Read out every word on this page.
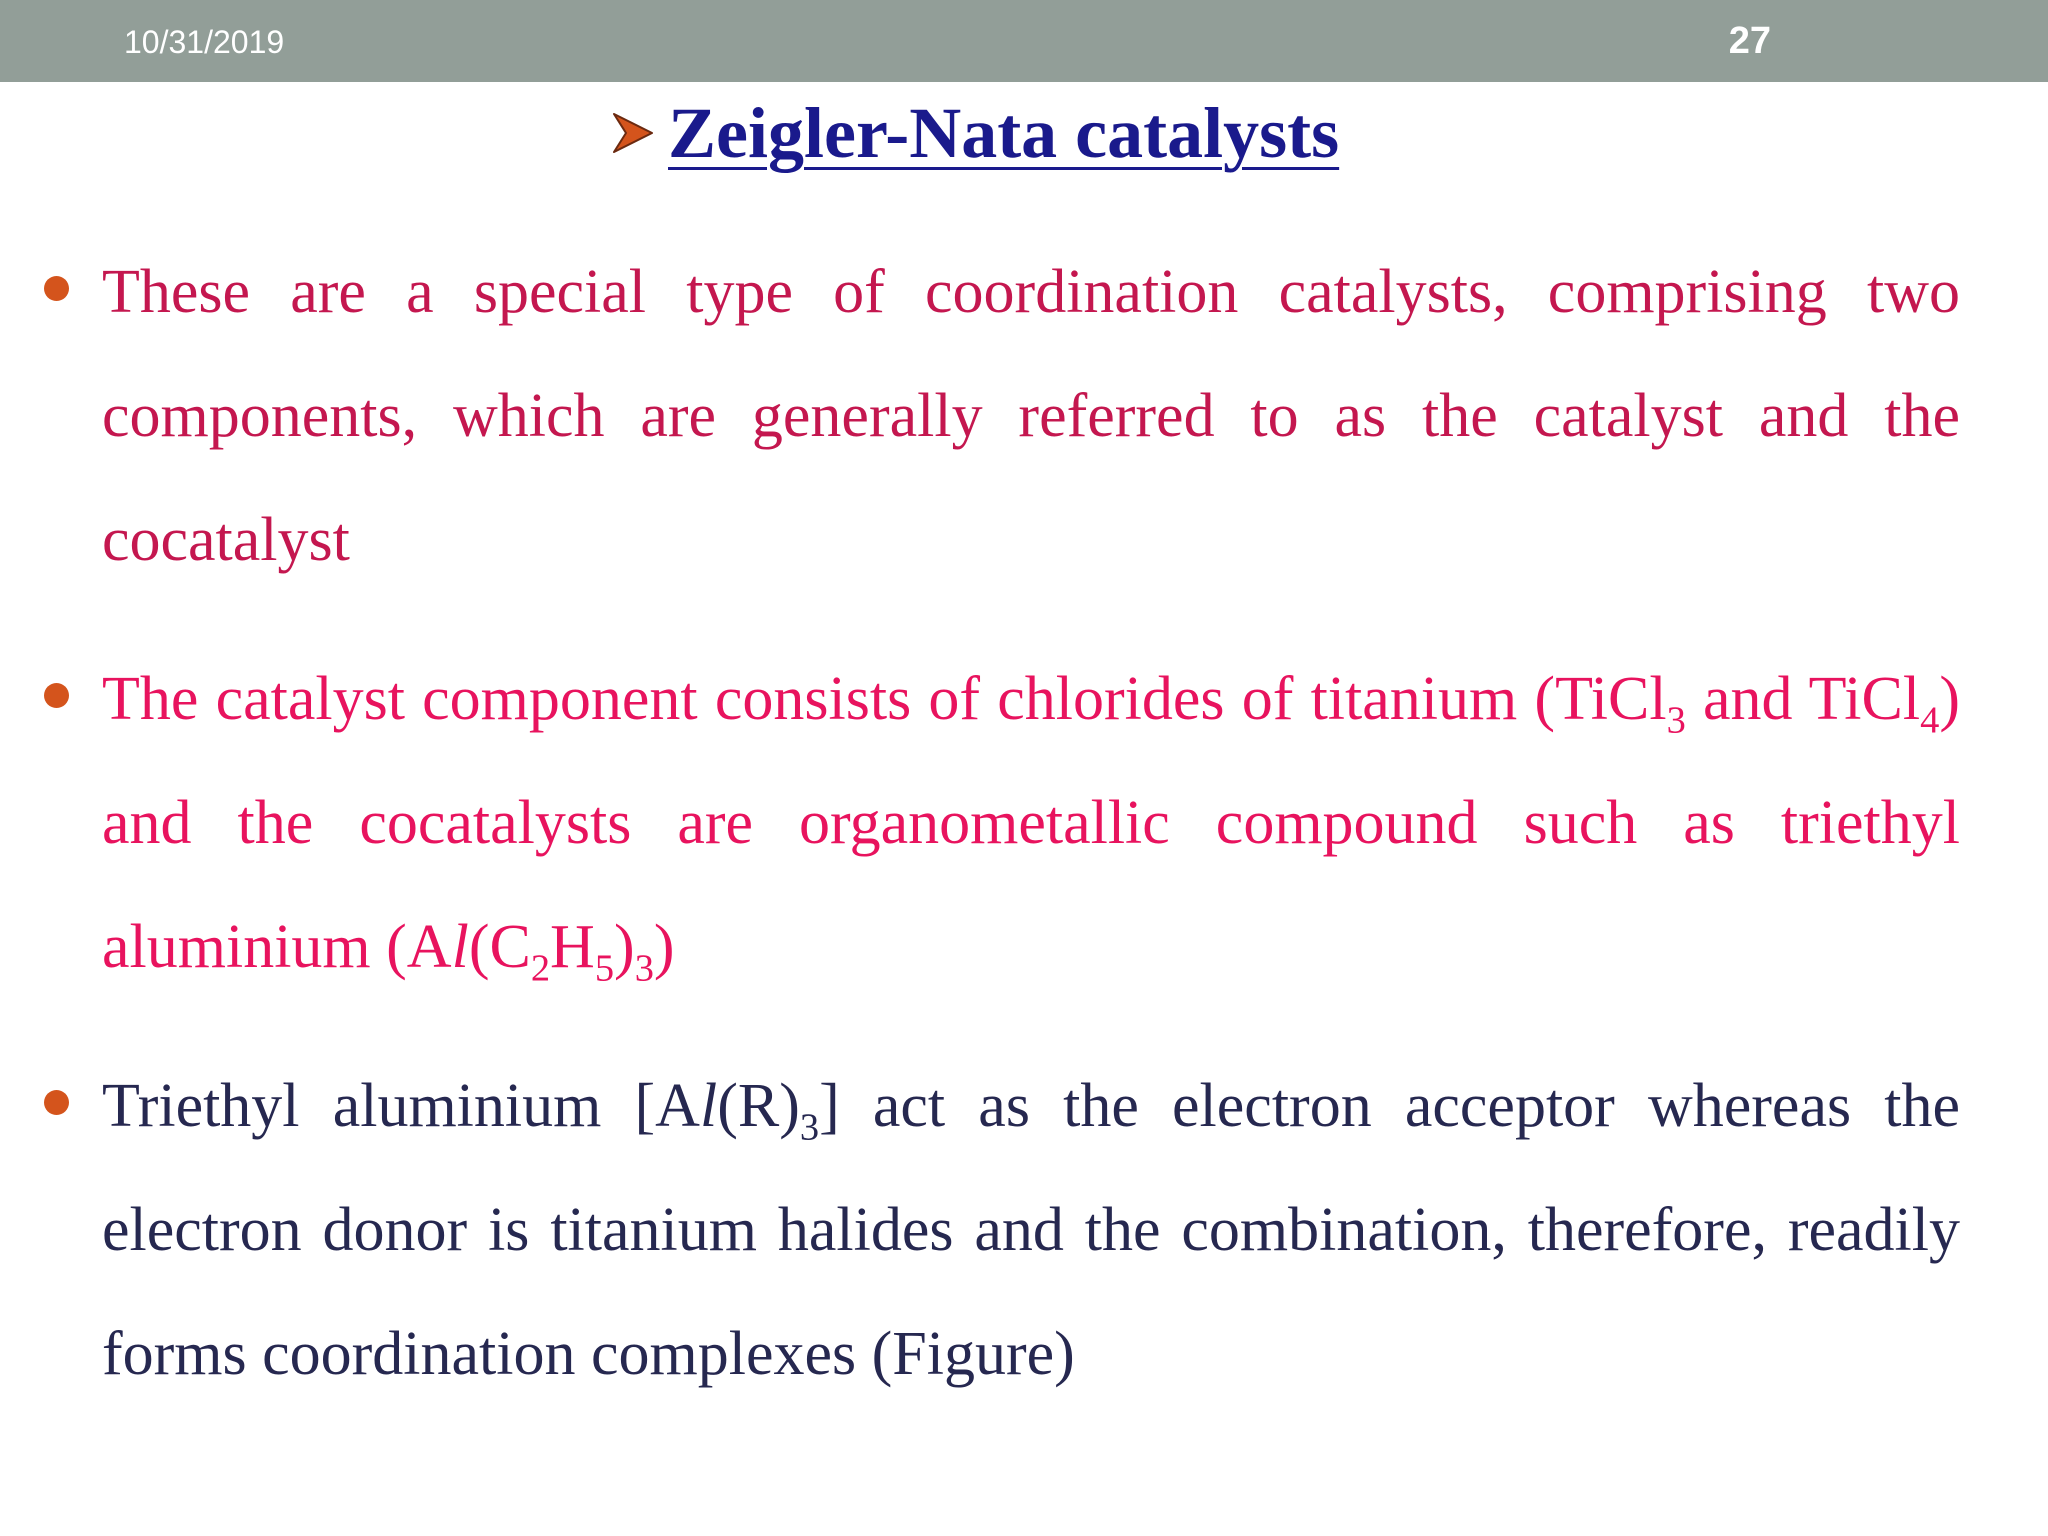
10/31/2019	27
Zeigler-Nata catalysts
These are a special type of coordination catalysts, comprising two components, which are generally referred to as the catalyst and the cocatalyst
The catalyst component consists of chlorides of titanium (TiCl$_3$ and TiCl$_4$) and the cocatalysts are organometallic compound such as triethyl aluminium $(Al(C_2H_5)_3)$
Triethyl aluminium $[Al(R)_3]$ act as the electron acceptor whereas the electron donor is titanium halides and the combination, therefore, readily forms coordination complexes (Figure)
